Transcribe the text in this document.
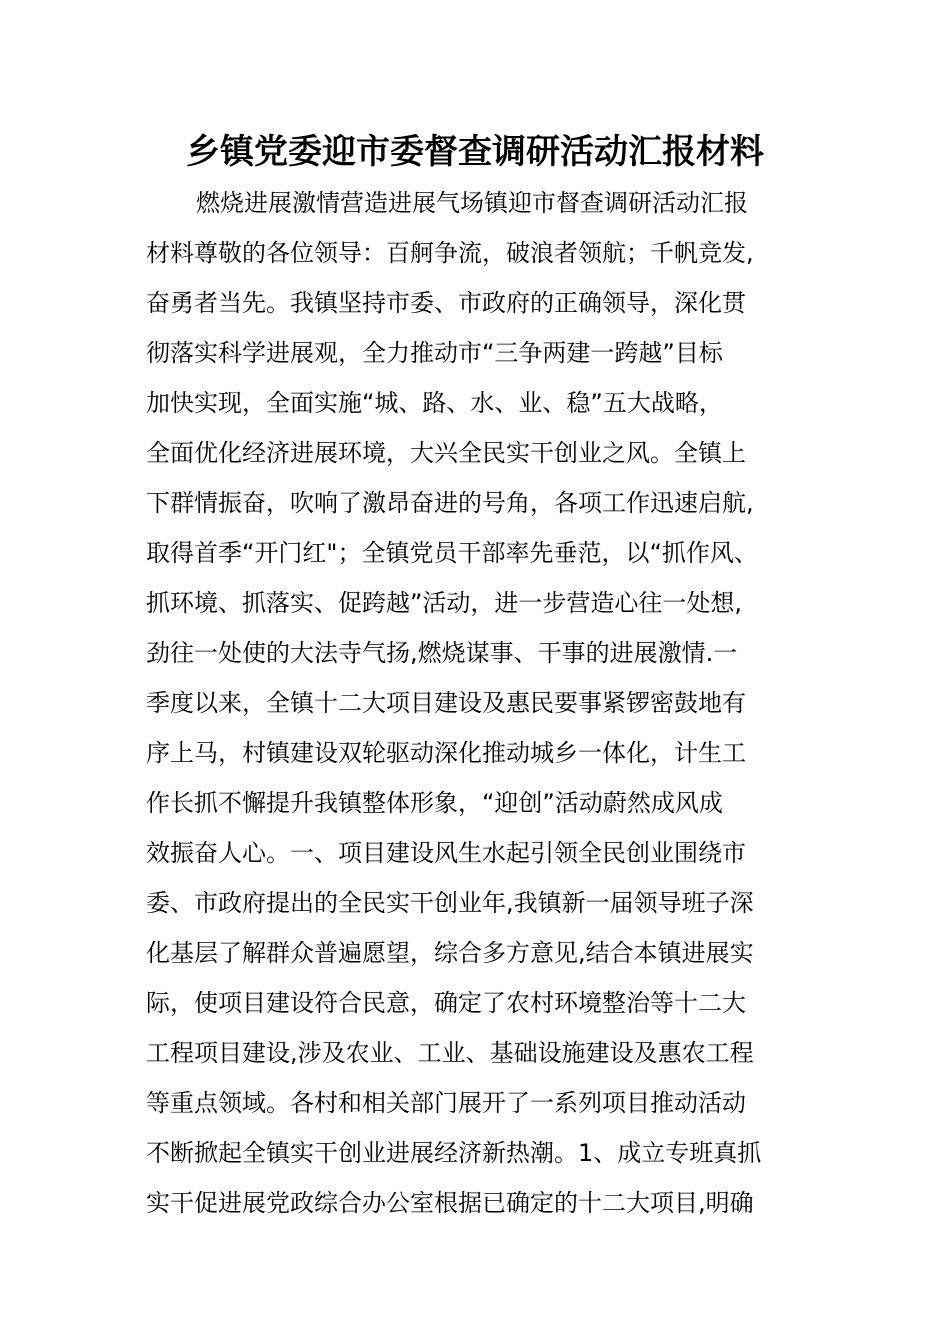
乡镇党委迎市委督查调研活动汇报材料
燃烧进展激情营造进展气场镇迎市督查调研活动汇报
材料尊敬的各位领导：百舸争流，破浪者领航；千帆竞发,
奋勇者当先。我镇坚持市委、市政府的正确领导，深化贯
彻落实科学进展观，全力推动市“三争两建一跨越”目标
加快实现，全面实施“城、路、水、业、稳”五大战略，
全面优化经济进展环境，大兴全民实干创业之风。全镇上
下群情振奋，吹响了激昂奋进的号角，各项工作迅速启航,
取得首季“开门红"；全镇党员干部率先垂范，以“抓作风、
抓环境、抓落实、促跨越”活动，进一步营造心往一处想,
劲往一处使的大法寺气扬,燃烧谋事、干事的进展激情.一
季度以来，全镇十二大项目建设及惠民要事紧锣密鼓地有
序上马，村镇建设双轮驱动深化推动城乡一体化，计生工
作长抓不懈提升我镇整体形象，“迎创”活动蔚然成风成
效振奋人心。一、项目建设风生水起引领全民创业围绕市
委、市政府提出的全民实干创业年,我镇新一届领导班子深
化基层了解群众普遍愿望，综合多方意见,结合本镇进展实
际，使项目建设符合民意，确定了农村环境整治等十二大
工程项目建设,涉及农业、工业、基础设施建设及惠农工程
等重点领域。各村和相关部门展开了一系列项目推动活动
不断掀起全镇实干创业进展经济新热潮。1、成立专班真抓
实干促进展党政综合办公室根据已确定的十二大项目,明确
